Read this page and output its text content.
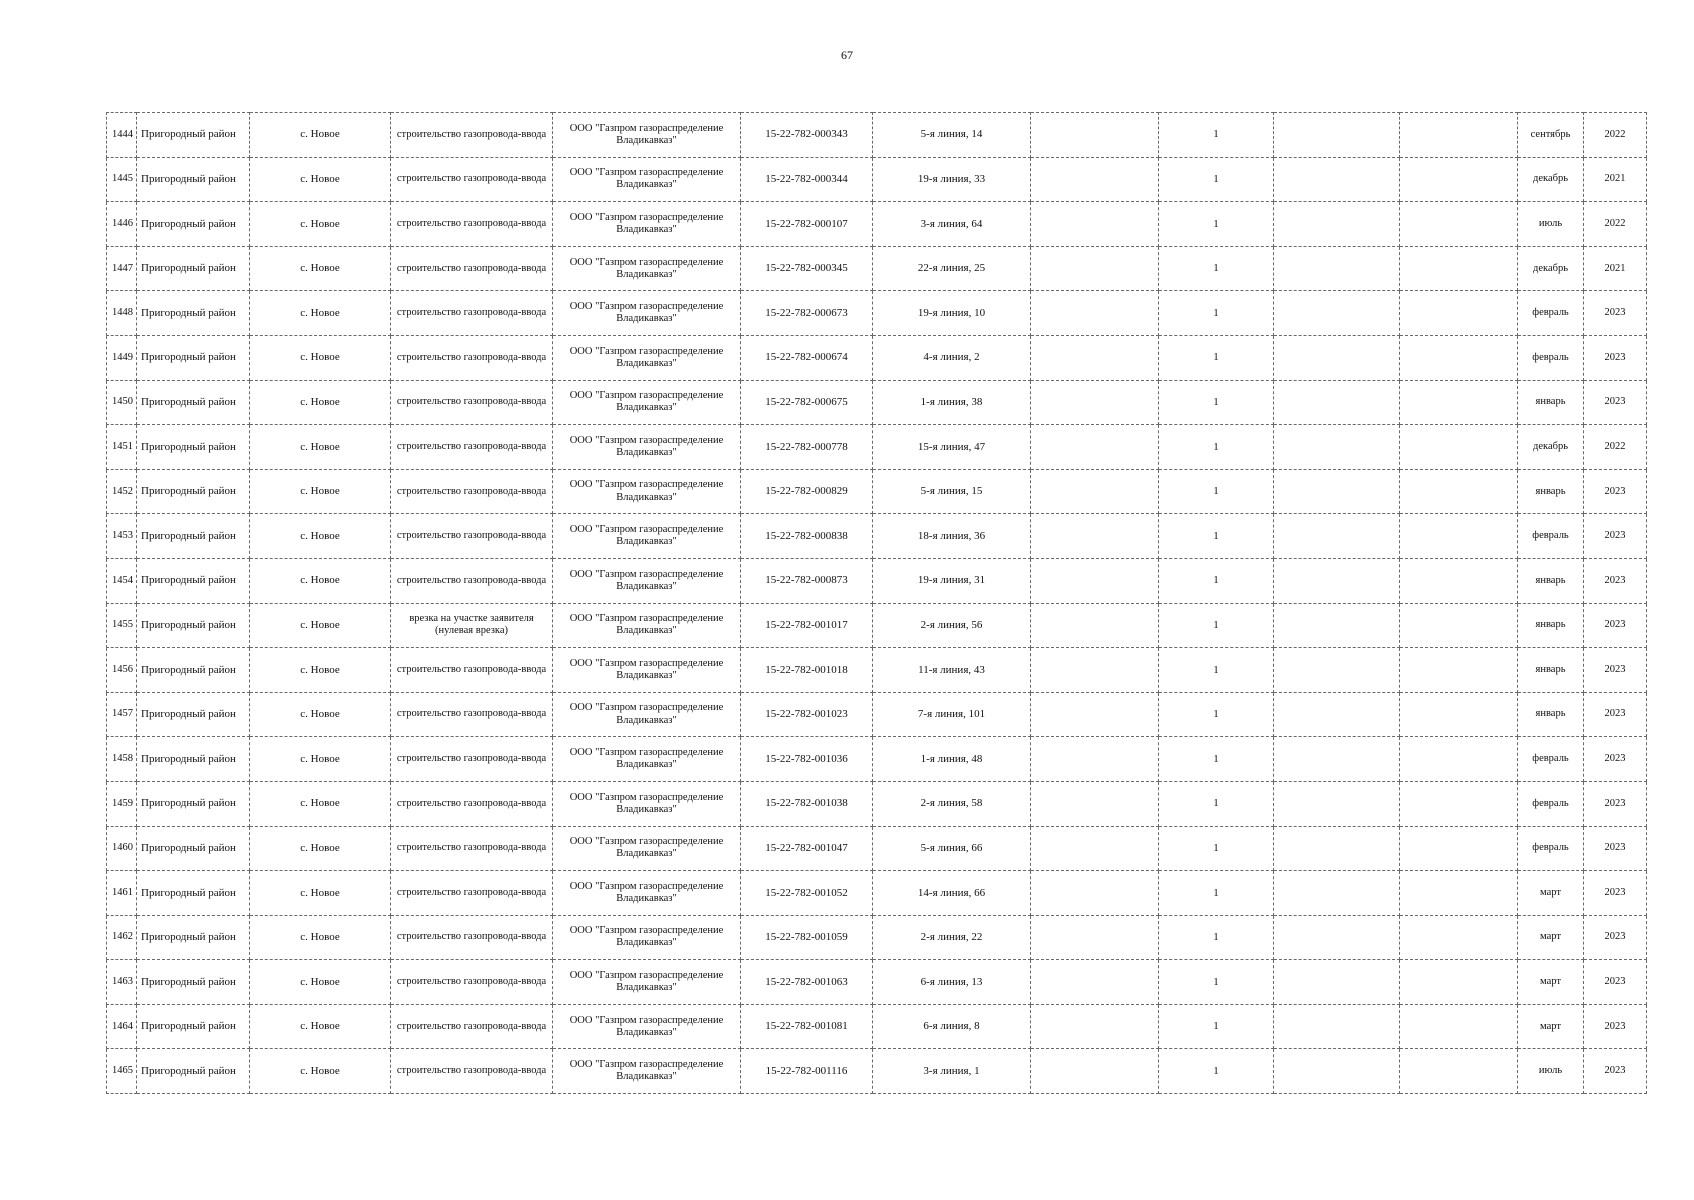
67
1444	Пригородный район	с. Новое	строительство газопровода-ввода	ООО "Газпром газораспределение Владикавказ"	15-22-782-000343	5-я линия, 14		1			сентябрь	2022
1445	Пригородный район	с. Новое	строительство газопровода-ввода	ООО "Газпром газораспределение Владикавказ"	15-22-782-000344	19-я линия, 33		1			декабрь	2021
1446	Пригородный район	с. Новое	строительство газопровода-ввода	ООО "Газпром газораспределение Владикавказ"	15-22-782-000107	3-я линия, 64		1			июль	2022
1447	Пригородный район	с. Новое	строительство газопровода-ввода	ООО "Газпром газораспределение Владикавказ"	15-22-782-000345	22-я линия, 25		1			декабрь	2021
1448	Пригородный район	с. Новое	строительство газопровода-ввода	ООО "Газпром газораспределение Владикавказ"	15-22-782-000673	19-я линия, 10		1			февраль	2023
1449	Пригородный район	с. Новое	строительство газопровода-ввода	ООО "Газпром газораспределение Владикавказ"	15-22-782-000674	4-я линия, 2		1			февраль	2023
1450	Пригородный район	с. Новое	строительство газопровода-ввода	ООО "Газпром газораспределение Владикавказ"	15-22-782-000675	1-я линия, 38		1			январь	2023
1451	Пригородный район	с. Новое	строительство газопровода-ввода	ООО "Газпром газораспределение Владикавказ"	15-22-782-000778	15-я линия, 47		1			декабрь	2022
1452	Пригородный район	с. Новое	строительство газопровода-ввода	ООО "Газпром газораспределение Владикавказ"	15-22-782-000829	5-я линия, 15		1			январь	2023
1453	Пригородный район	с. Новое	строительство газопровода-ввода	ООО "Газпром газораспределение Владикавказ"	15-22-782-000838	18-я линия, 36		1			февраль	2023
1454	Пригородный район	с. Новое	строительство газопровода-ввода	ООО "Газпром газораспределение Владикавказ"	15-22-782-000873	19-я линия, 31		1			январь	2023
1455	Пригородный район	с. Новое	врезка на участке заявителя (нулевая врезка)	ООО "Газпром газораспределение Владикавказ"	15-22-782-001017	2-я линия, 56		1			январь	2023
1456	Пригородный район	с. Новое	строительство газопровода-ввода	ООО "Газпром газораспределение Владикавказ"	15-22-782-001018	11-я линия, 43		1			январь	2023
1457	Пригородный район	с. Новое	строительство газопровода-ввода	ООО "Газпром газораспределение Владикавказ"	15-22-782-001023	7-я линия, 101		1			январь	2023
1458	Пригородный район	с. Новое	строительство газопровода-ввода	ООО "Газпром газораспределение Владикавказ"	15-22-782-001036	1-я линия, 48		1			февраль	2023
1459	Пригородный район	с. Новое	строительство газопровода-ввода	ООО "Газпром газораспределение Владикавказ"	15-22-782-001038	2-я линия, 58		1			февраль	2023
1460	Пригородный район	с. Новое	строительство газопровода-ввода	ООО "Газпром газораспределение Владикавказ"	15-22-782-001047	5-я линия, 66		1			февраль	2023
1461	Пригородный район	с. Новое	строительство газопровода-ввода	ООО "Газпром газораспределение Владикавказ"	15-22-782-001052	14-я линия, 66		1			март	2023
1462	Пригородный район	с. Новое	строительство газопровода-ввода	ООО "Газпром газораспределение Владикавказ"	15-22-782-001059	2-я линия, 22		1			март	2023
1463	Пригородный район	с. Новое	строительство газопровода-ввода	ООО "Газпром газораспределение Владикавказ"	15-22-782-001063	6-я линия, 13		1			март	2023
1464	Пригородный район	с. Новое	строительство газопровода-ввода	ООО "Газпром газораспределение Владикавказ"	15-22-782-001081	6-я линия, 8		1			март	2023
1465	Пригородный район	с. Новое	строительство газопровода-ввода	ООО "Газпром газораспределение Владикавказ"	15-22-782-001116	3-я линия, 1		1			июль	2023
